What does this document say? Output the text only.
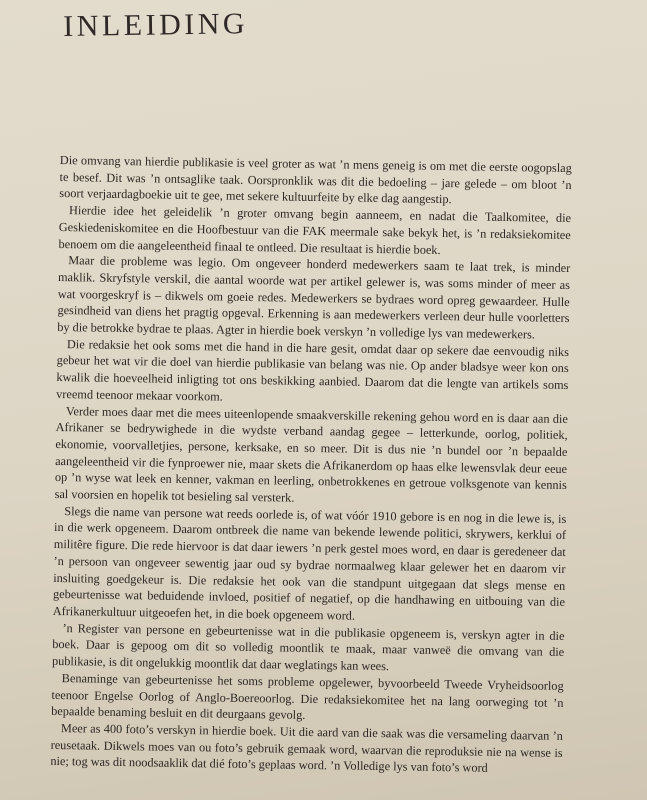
INLEIDING

Die omvang van hierdie publikasie is veel groter as wat ’n mens geneig is om met die eerste oogopslag te besef. Dit was ’n ontsaglike taak. Oorspronklik was dit die bedoeling – jare gelede – om bloot ’n soort verjaardagboekie uit te gee, met sekere kultuurfeite by elke dag aangestip.

Hierdie idee het geleidelik ’n groter omvang begin aanneem, en nadat die Taalkomitee, die Geskiedeniskomitee en die Hoofbestuur van die FAK meermale sake bekyk het, is ’n redaksiekomitee benoem om die aangeleentheid finaal te ontleed. Die resultaat is hierdie boek.

Maar die probleme was legio. Om ongeveer honderd medewerkers saam te laat trek, is minder maklik. Skryfstyle verskil, die aantal woorde wat per artikel gelewer is, was soms minder of meer as wat voorgeskryf is – dikwels om goeie redes. Medewerkers se bydraes word opreg gewaardeer. Hulle gesindheid van diens het pragtig opgeval. Erkenning is aan medewerkers verleen deur hulle voorletters by die betrokke bydrae te plaas. Agter in hierdie boek verskyn ’n volledige lys van medewerkers.

Die redaksie het ook soms met die hand in die hare gesit, omdat daar op sekere dae eenvoudig niks gebeur het wat vir die doel van hierdie publikasie van belang was nie. Op ander bladsye weer kon ons kwalik die hoeveelheid inligting tot ons beskikking aanbied. Daarom dat die lengte van artikels soms vreemd teenoor mekaar voorkom.

Verder moes daar met die mees uiteenlopende smaakverskille rekening gehou word en is daar aan die Afrikaner se bedrywighede in die wydste verband aandag gegee – letterkunde, oorlog, politiek, ekonomie, voorvalletjies, persone, kerksake, en so meer. Dit is dus nie ’n bundel oor ’n bepaalde aangeleentheid vir die fynproewer nie, maar skets die Afrikanerdom op haas elke lewensvlak deur eeue op ’n wyse wat leek en kenner, vakman en leerling, onbetrokkenes en getroue volksgenote van kennis sal voorsien en hopelik tot besieling sal versterk.

Slegs die name van persone wat reeds oorlede is, of wat vóór 1910 gebore is en nog in die lewe is, is in die werk opgeneem. Daarom ontbreek die name van bekende lewende politici, skrywers, kerklui of militêre figure. Die rede hiervoor is dat daar iewers ’n perk gestel moes word, en daar is geredeneer dat ’n persoon van ongeveer sewentig jaar oud sy bydrae normaalweg klaar gelewer het en daarom vir insluiting goedgekeur is. Die redaksie het ook van die standpunt uitgegaan dat slegs mense en gebeurtenisse wat beduidende invloed, positief of negatief, op die handhawing en uitbouing van die Afrikanerkultuur uitgeoefen het, in die boek opgeneem word.

’n Register van persone en gebeurtenisse wat in die publikasie opgeneem is, verskyn agter in die boek. Daar is gepoog om dit so volledig moontlik te maak, maar vanweë die omvang van die publikasie, is dit ongelukkig moontlik dat daar weglatings kan wees.

Benaminge van gebeurtenisse het soms probleme opgelewer, byvoorbeeld Tweede Vryheidsoorlog teenoor Engelse Oorlog of Anglo-Boereoorlog. Die redaksiekomitee het na lang oorweging tot ’n bepaalde benaming besluit en dit deurgaans gevolg.

Meer as 400 foto’s verskyn in hierdie boek. Uit die aard van die saak was die versameling daarvan ’n reusetaak. Dikwels moes van ou foto’s gebruik gemaak word, waarvan die reproduksie nie na wense is nie; tog was dit noodsaaklik dat dié foto’s geplaas word. ’n Volledige lys van foto’s word
